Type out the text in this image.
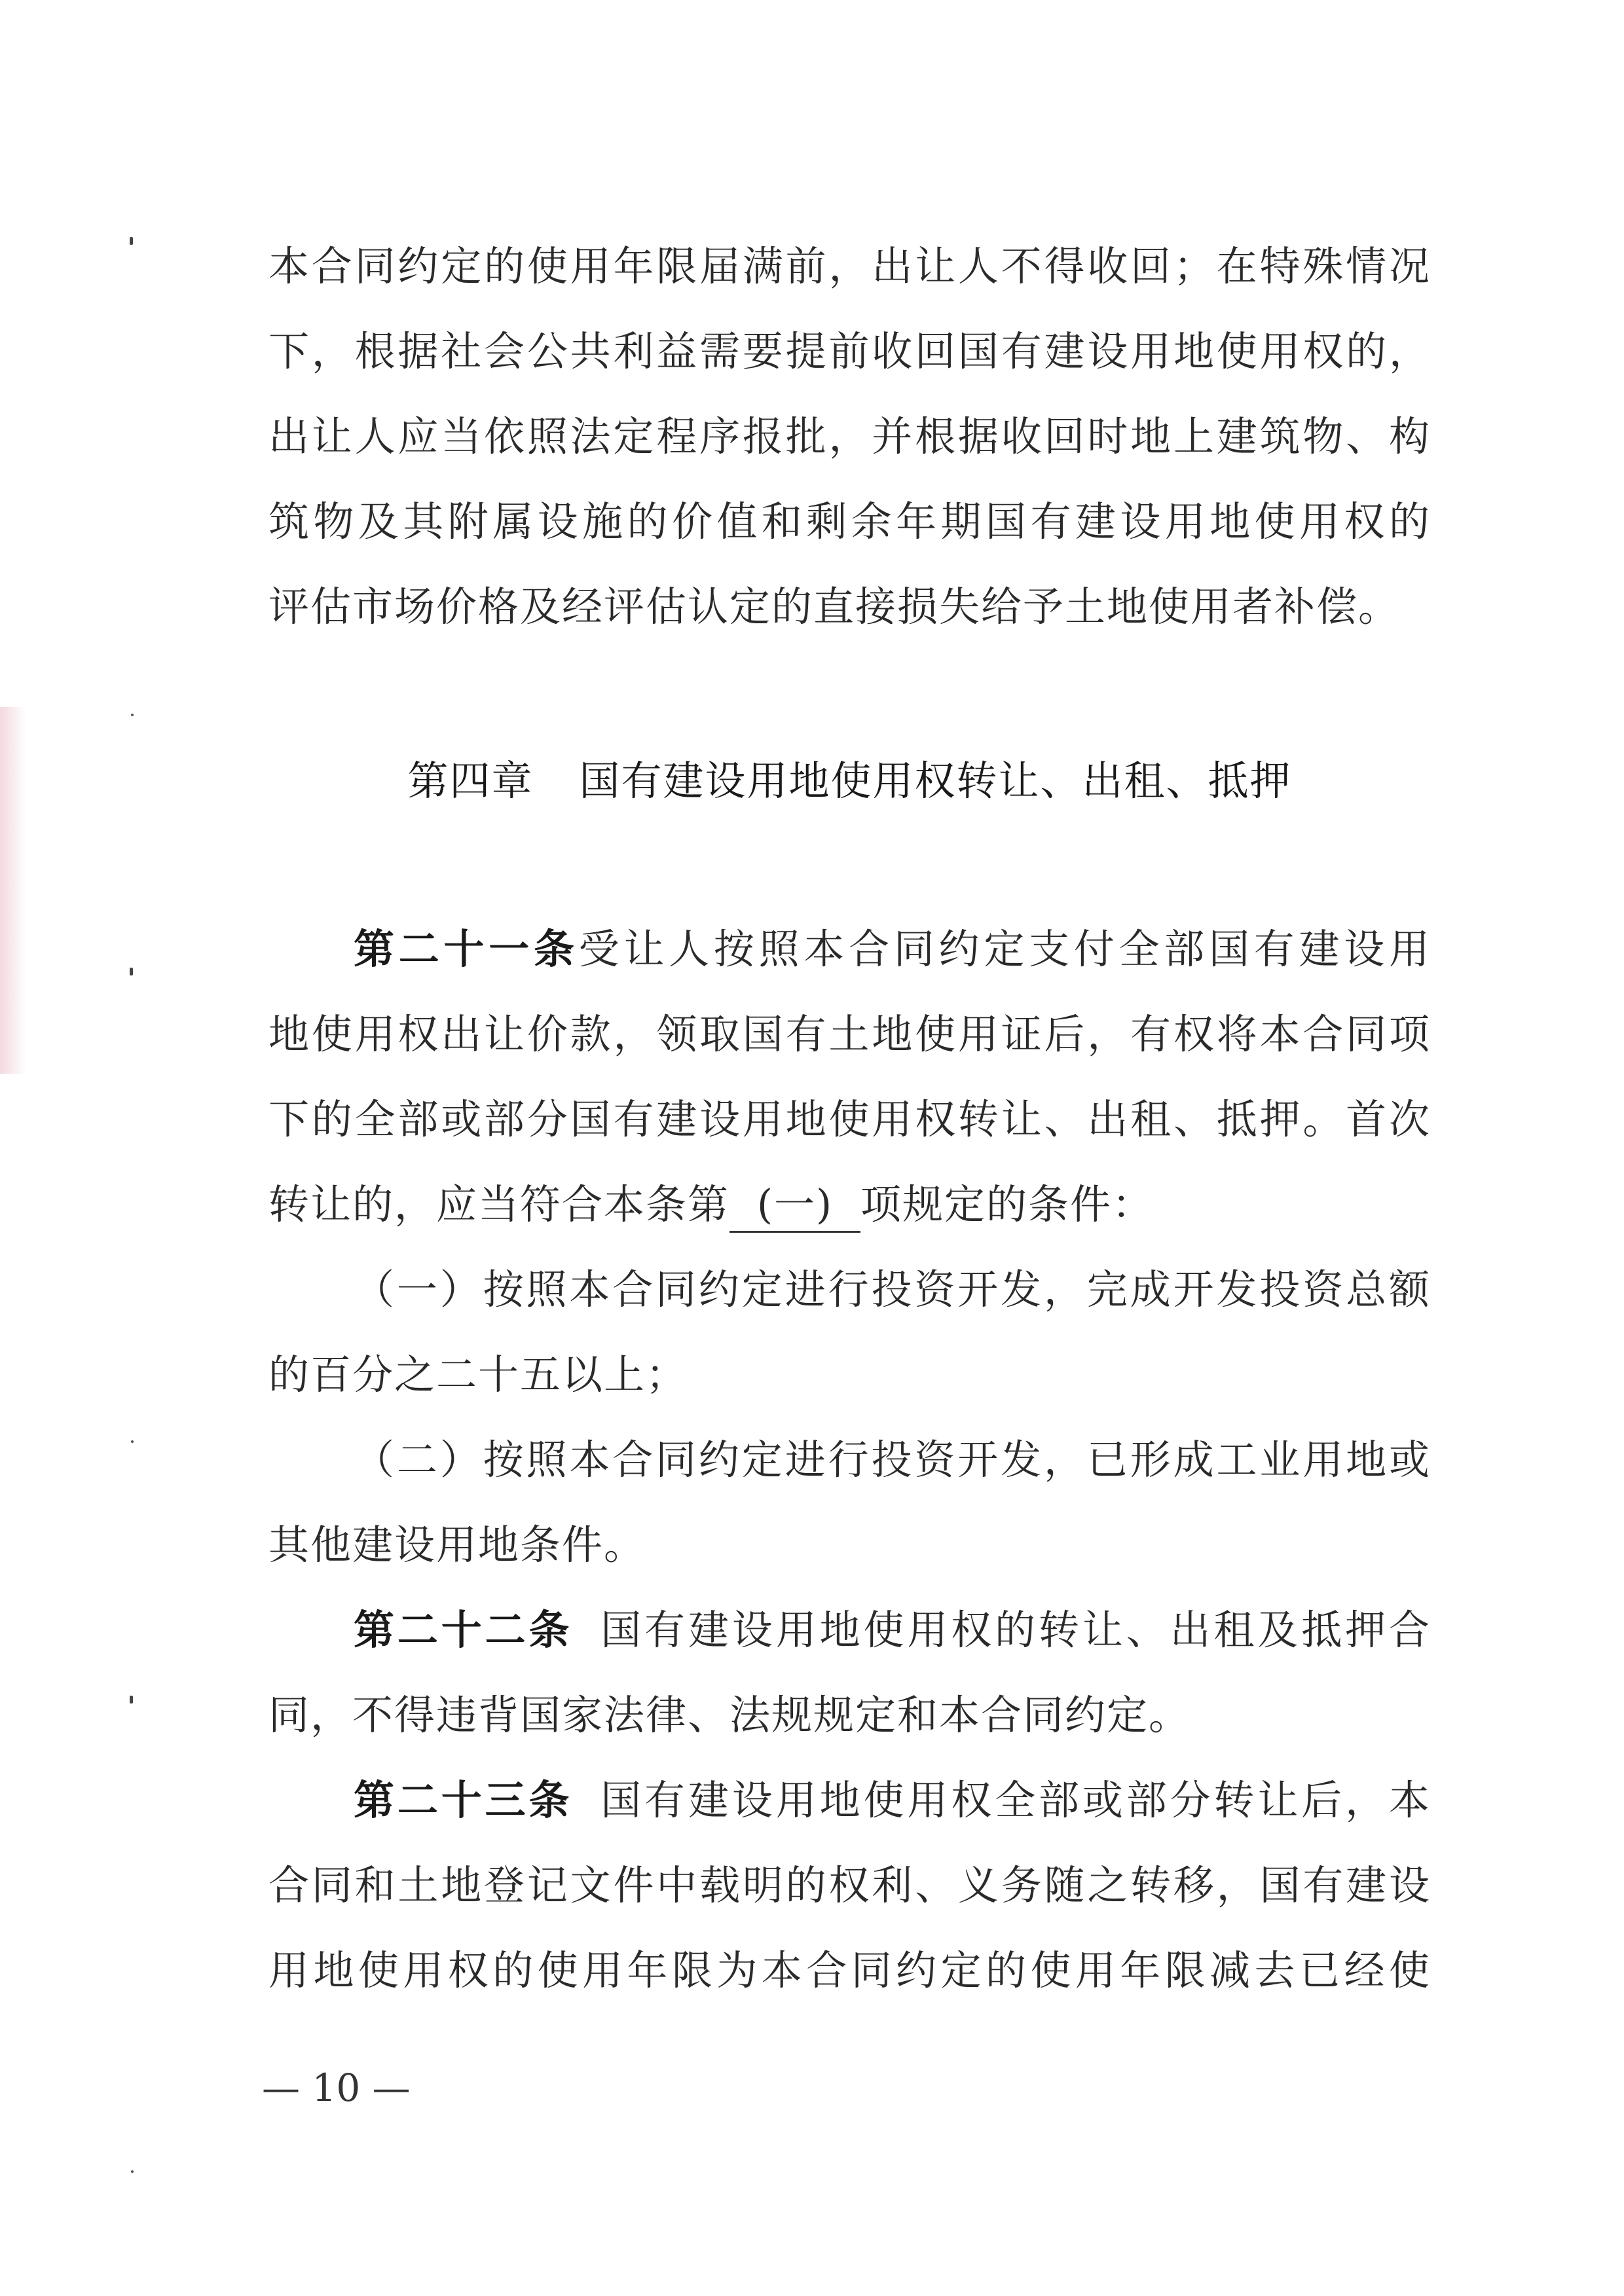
本合同约定的使用年限届满前，出让人不得收回；在特殊情况
下，根据社会公共利益需要提前收回国有建设用地使用权的，
出让人应当依照法定程序报批，并根据收回时地上建筑物、构
筑物及其附属设施的价值和剩余年期国有建设用地使用权的
评估市场价格及经评估认定的直接损失给予土地使用者补偿。
第四章 国有建设用地使用权转让、出租、抵押
第二十一条受让人按照本合同约定支付全部国有建设用
地使用权出让价款，领取国有土地使用证后，有权将本合同项
下的全部或部分国有建设用地使用权转让、出租、抵押。首次
转让的，应当符合本条第 (一) 项规定的条件：
（一）按照本合同约定进行投资开发，完成开发投资总额
的百分之二十五以上；
（二）按照本合同约定进行投资开发，已形成工业用地或
其他建设用地条件。
第二十二条 国有建设用地使用权的转让、出租及抵押合
同，不得违背国家法律、法规规定和本合同约定。
第二十三条 国有建设用地使用权全部或部分转让后，本
合同和土地登记文件中载明的权利、义务随之转移，国有建设
用地使用权的使用年限为本合同约定的使用年限减去已经使
— 10 —
